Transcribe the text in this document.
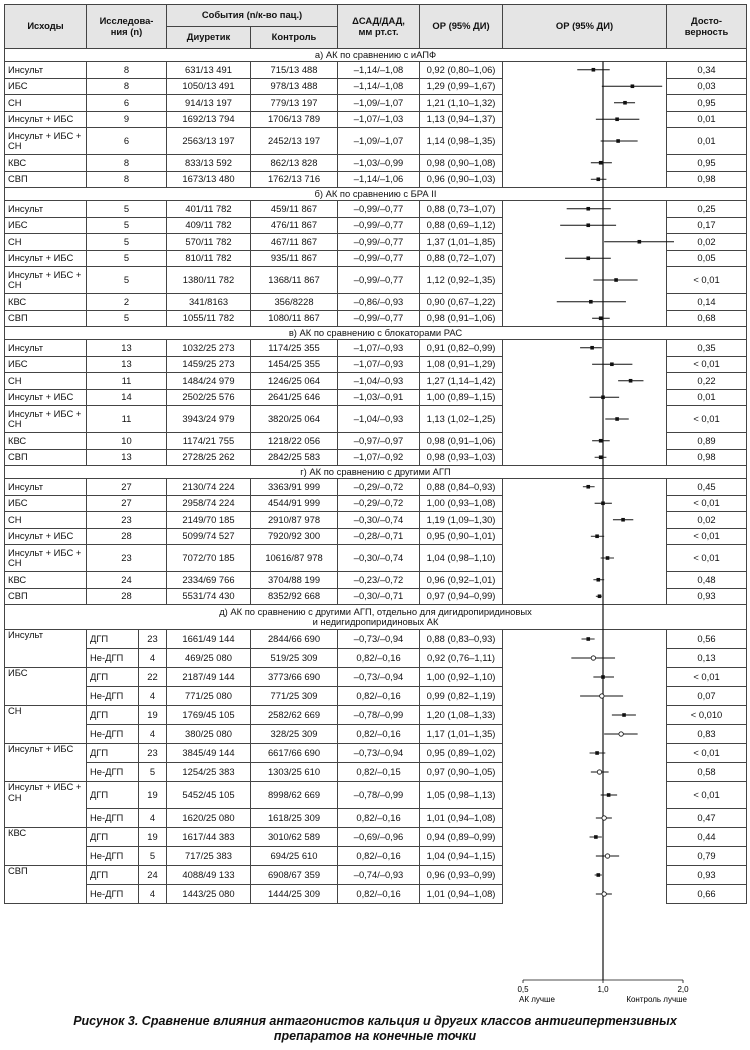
Исходы	Исследова-
ния (n)		События (n/к-во пац.)		ΔСАД/ДАД,
мм рт.ст.	ОР (95% ДИ)	ОР (95% ДИ)	Досто-
верность
			Диуретик	Контроль				
а) АК по сравнению с иАПФ								
Инсульт	8		631/13 491	715/13 488	–1,14/–1,08	0,92 (0,80–1,06)		0,34
ИБС	8		1050/13 491	978/13 488	–1,14/–1,08	1,29 (0,99–1,67)		0,03
СН	6		914/13 197	779/13 197	–1,09/–1,07	1,21 (1,10–1,32)		0,95
Инсульт + ИБС	9		1692/13 794	1706/13 789	–1,07/–1,03	1,13 (0,94–1,37)		0,01
Инсульт + ИБС + СН	6		2563/13 197	2452/13 197	–1,09/–1,07	1,14 (0,98–1,35)		0,01
КВС	8		833/13 592	862/13 828	–1,03/–0,99	0,98 (0,90–1,08)		0,95
СВП	8		1673/13 480	1762/13 716	–1,14/–1,06	0,96 (0,90–1,03)		0,98
б) АК по сравнению с БРА II								
Инсульт	5		401/11 782	459/11 867	–0,99/–0,77	0,88 (0,73–1,07)		0,25
ИБС	5		409/11 782	476/11 867	–0,99/–0,77	0,88 (0,69–1,12)		0,17
СН	5		570/11 782	467/11 867	–0,99/–0,77	1,37 (1,01–1,85)		0,02
Инсульт + ИБС	5		810/11 782	935/11 867	–0,99/–0,77	0,88 (0,72–1,07)		0,05
Инсульт + ИБС + СН	5		1380/11 782	1368/11 867	–0,99/–0,77	1,12 (0,92–1,35)		< 0,01
КВС	2		341/8163	356/8228	–0,86/–0,93	0,90 (0,67–1,22)		0,14
СВП	5		1055/11 782	1080/11 867	–0,99/–0,77	0,98 (0,91–1,06)		0,68
в) АК по сравнению с блокаторами РАС								
Инсульт	13		1032/25 273	1174/25 355	–1,07/–0,93	0,91 (0,82–0,99)		0,35
ИБС	13		1459/25 273	1454/25 355	–1,07/–0,93	1,08 (0,91–1,29)		< 0,01
СН	11		1484/24 979	1246/25 064	–1,04/–0,93	1,27 (1,14–1,42)		0,22
Инсульт + ИБС	14		2502/25 576	2641/25 646	–1,03/–0,91	1,00 (0,89–1,15)		0,01
Инсульт + ИБС + СН	11		3943/24 979	3820/25 064	–1,04/–0,93	1,13 (1,02–1,25)		< 0,01
КВС	10		1174/21 755	1218/22 056	–0,97/–0,97	0,98 (0,91–1,06)		0,89
СВП	13		2728/25 262	2842/25 583	–1,07/–0,92	0,98 (0,93–1,03)		0,98
г) АК по сравнению с другими АГП								
Инсульт	27		2130/74 224	3363/91 999	–0,29/–0,72	0,88 (0,84–0,93)		0,45
ИБС	27		2958/74 224	4544/91 999	–0,29/–0,72	1,00 (0,93–1,08)		< 0,01
СН	23		2149/70 185	2910/87 978	–0,30/–0,74	1,19 (1,09–1,30)		0,02
Инсульт + ИБС	28		5099/74 527	7920/92 300	–0,28/–0,71	0,95 (0,90–1,01)		< 0,01
Инсульт + ИБС + СН	23		7072/70 185	10616/87 978	–0,30/–0,74	1,04 (0,98–1,10)		< 0,01
КВС	24		2334/69 766	3704/88 199	–0,23/–0,72	0,96 (0,92–1,01)		0,48
СВП	28		5531/74 430	8352/92 668	–0,30/–0,71	0,97 (0,94–0,99)		0,93
д) АК по сравнению с другими АГП, отдельно для дигидропиридиновых
и недигидропиридиновых АК								
Инсульт	ДГП	23	1661/49 144	2844/66 690	–0,73/–0,94	0,88 (0,83–0,93)		0,56
	Не-ДГП	4	469/25 080	519/25 309	0,82/–0,16	0,92 (0,76–1,11)		0,13
ИБС	ДГП	22	2187/49 144	3773/66 690	–0,73/–0,94	1,00 (0,92–1,10)		< 0,01
	Не-ДГП	4	771/25 080	771/25 309	0,82/–0,16	0,99 (0,82–1,19)		0,07
СН	ДГП	19	1769/45 105	2582/62 669	–0,78/–0,99	1,20 (1,08–1,33)		< 0,010
	Не-ДГП	4	380/25 080	328/25 309	0,82/–0,16	1,17 (1,01–1,35)		0,83
Инсульт + ИБС	ДГП	23	3845/49 144	6617/66 690	–0,73/–0,94	0,95 (0,89–1,02)		< 0,01
	Не-ДГП	5	1254/25 383	1303/25 610	0,82/–0,15	0,97 (0,90–1,05)		0,58
Инсульт + ИБС + СН	ДГП	19	5452/45 105	8998/62 669	–0,78/–0,99	1,05 (0,98–1,13)		< 0,01
	Не-ДГП	4	1620/25 080	1618/25 309	0,82/–0,16	1,01 (0,94–1,08)		0,47
КВС	ДГП	19	1617/44 383	3010/62 589	–0,69/–0,96	0,94 (0,89–0,99)		0,44
	Не-ДГП	5	717/25 383	694/25 610	0,82/–0,16	1,04 (0,94–1,15)		0,79
СВП	ДГП	24	4088/49 133	6908/67 359	–0,74/–0,93	0,96 (0,93–0,99)		0,93
	Не-ДГП	4	1443/25 080	1444/25 309	0,82/–0,16	1,01 (0,94–1,08)		0,66
0,5	1,0	2,0
АК лучше	Контроль лучше
Рисунок 3. Сравнение влияния антагонистов кальция и других классов антигипертензивных
препаратов на конечные точки
